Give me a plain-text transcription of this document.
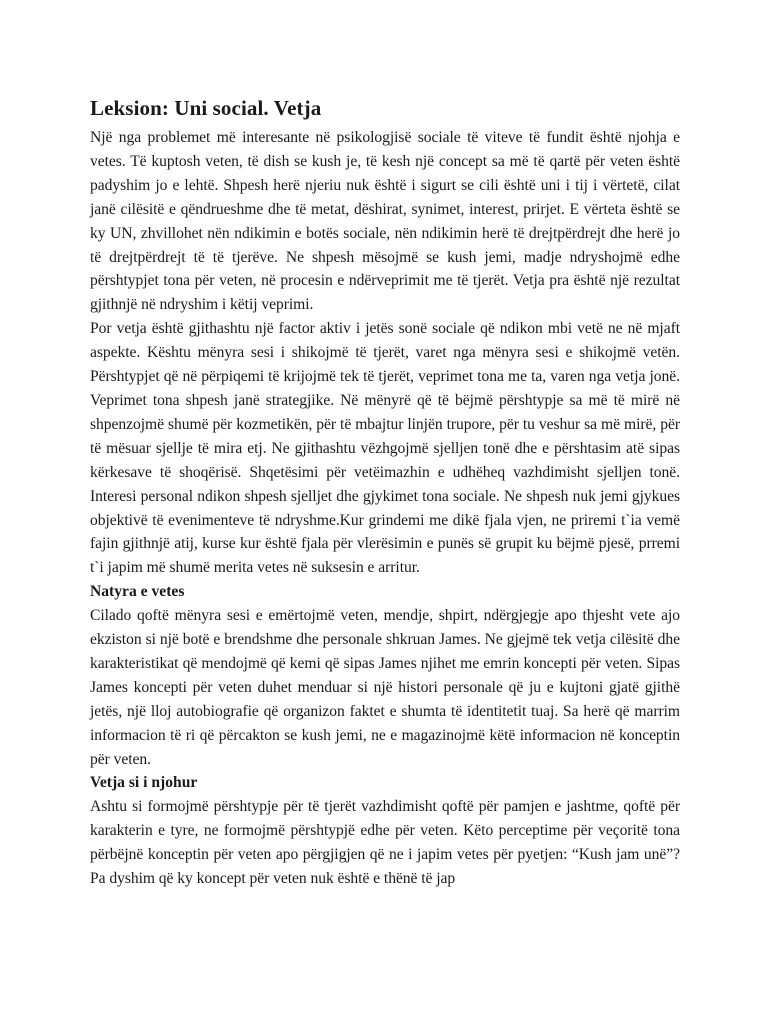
Leksion: Uni social. Vetja

Një nga problemet më interesante në psikologjisë sociale të viteve të fundit është njohja e vetes. Të kuptosh veten, të dish se kush je, të kesh një concept sa më të qartë për veten është padyshim jo e lehtë. Shpesh herë njeriu nuk është i sigurt se cili është uni i tij i vërtetë, cilat janë cilësitë e qëndrueshme dhe të metat, dëshirat, synimet, interest, prirjet. E vërteta është se ky UN, zhvillohet nën ndikimin e botës sociale, nën ndikimin herë të drejtpërdrejt dhe herë jo të drejtpërdrejt të të tjerëve. Ne shpesh mësojmë se kush jemi, madje ndryshojmë edhe përshtypjet tona për veten, në procesin e ndërveprimit me të tjerët. Vetja pra është një rezultat gjithnjë në ndryshim i këtij veprimi.

Por vetja është gjithashtu një factor aktiv i jetës sonë sociale që ndikon mbi vetë ne në mjaft aspekte. Kështu mënyra sesi i shikojmë të tjerët, varet nga mënyra sesi e shikojmë vetën. Përshtypjet që në përpiqemi të krijojmë tek të tjerët, veprimet tona me ta, varen nga vetja jonë. Veprimet tona shpesh janë strategjike. Në mënyrë që të bëjmë përshtypje sa më të mirë në shpenzojmë shumë për kozmetikën, për të mbajtur linjën trupore, për tu veshur sa më mirë, për të mësuar sjellje të mira etj. Ne gjithashtu vëzhgojmë sjelljen tonë dhe e përshtasim atë sipas kërkesave të shoqërisë. Shqetësimi për vetëimazhin e udhëheq vazhdimisht sjelljen tonë. Interesi personal ndikon shpesh sjelljet dhe gjykimet tona sociale. Ne shpesh nuk jemi gjykues objektivë të evenimenteve të ndryshme.Kur grindemi me dikë fjala vjen, ne priremi t`ia vemë fajin gjithnjë atij, kurse kur është fjala për vlerësimin e punës së grupit ku bëjmë pjesë, prremi t`i japim më shumë merita vetes në suksesin e arritur.

Natyra e vetes

Cilado qoftë mënyra sesi e emërtojmë veten, mendje, shpirt, ndërgjegje apo thjesht vete ajo ekziston si një botë e brendshme dhe personale shkruan James. Ne gjejmë tek vetja cilësitë dhe karakteristikat që mendojmë që kemi që sipas James njihet me emrin koncepti për veten. Sipas James koncepti për veten duhet menduar si një histori personale që ju e kujtoni gjatë gjithë jetës, një lloj autobiografie që organizon faktet e shumta të identitetit tuaj. Sa herë që marrim informacion të ri që përcakton se kush jemi, ne e magazinojmë këtë informacion në konceptin për veten.

Vetja si i njohur

Ashtu si formojmë përshtypje për të tjerët vazhdimisht qoftë për pamjen e jashtme, qoftë për karakterin e tyre, ne formojmë përshtypjë edhe për veten. Këto perceptime për veçoritë tona përbëjnë konceptin për veten apo përgjigjen që ne i japim vetes për pyetjen: “Kush jam unë”? Pa dyshim që ky koncept për veten nuk është e thënë të jap
